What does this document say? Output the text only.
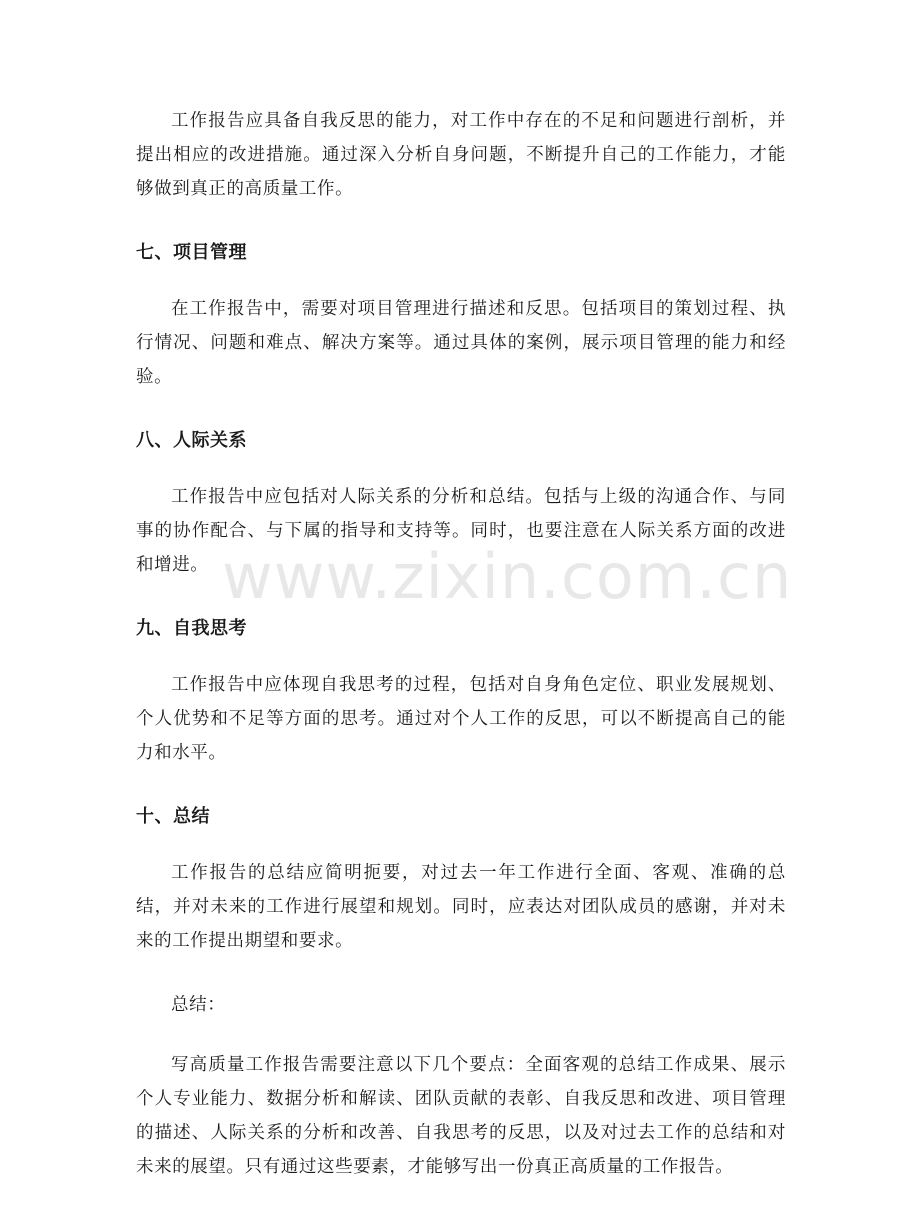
www.zixin.com.cn

工作报告应具备自我反思的能力，对工作中存在的不足和问题进行剖析，并提出相应的改进措施。通过深入分析自身问题，不断提升自己的工作能力，才能够做到真正的高质量工作。

七、项目管理

在工作报告中，需要对项目管理进行描述和反思。包括项目的策划过程、执行情况、问题和难点、解决方案等。通过具体的案例，展示项目管理的能力和经验。

八、人际关系

工作报告中应包括对人际关系的分析和总结。包括与上级的沟通合作、与同事的协作配合、与下属的指导和支持等。同时，也要注意在人际关系方面的改进和增进。

九、自我思考

工作报告中应体现自我思考的过程，包括对自身角色定位、职业发展规划、个人优势和不足等方面的思考。通过对个人工作的反思，可以不断提高自己的能力和水平。

十、总结

工作报告的总结应简明扼要，对过去一年工作进行全面、客观、准确的总结，并对未来的工作进行展望和规划。同时，应表达对团队成员的感谢，并对未来的工作提出期望和要求。

总结：

写高质量工作报告需要注意以下几个要点：全面客观的总结工作成果、展示个人专业能力、数据分析和解读、团队贡献的表彰、自我反思和改进、项目管理的描述、人际关系的分析和改善、自我思考的反思，以及对过去工作的总结和对未来的展望。只有通过这些要素，才能够写出一份真正高质量的工作报告。
